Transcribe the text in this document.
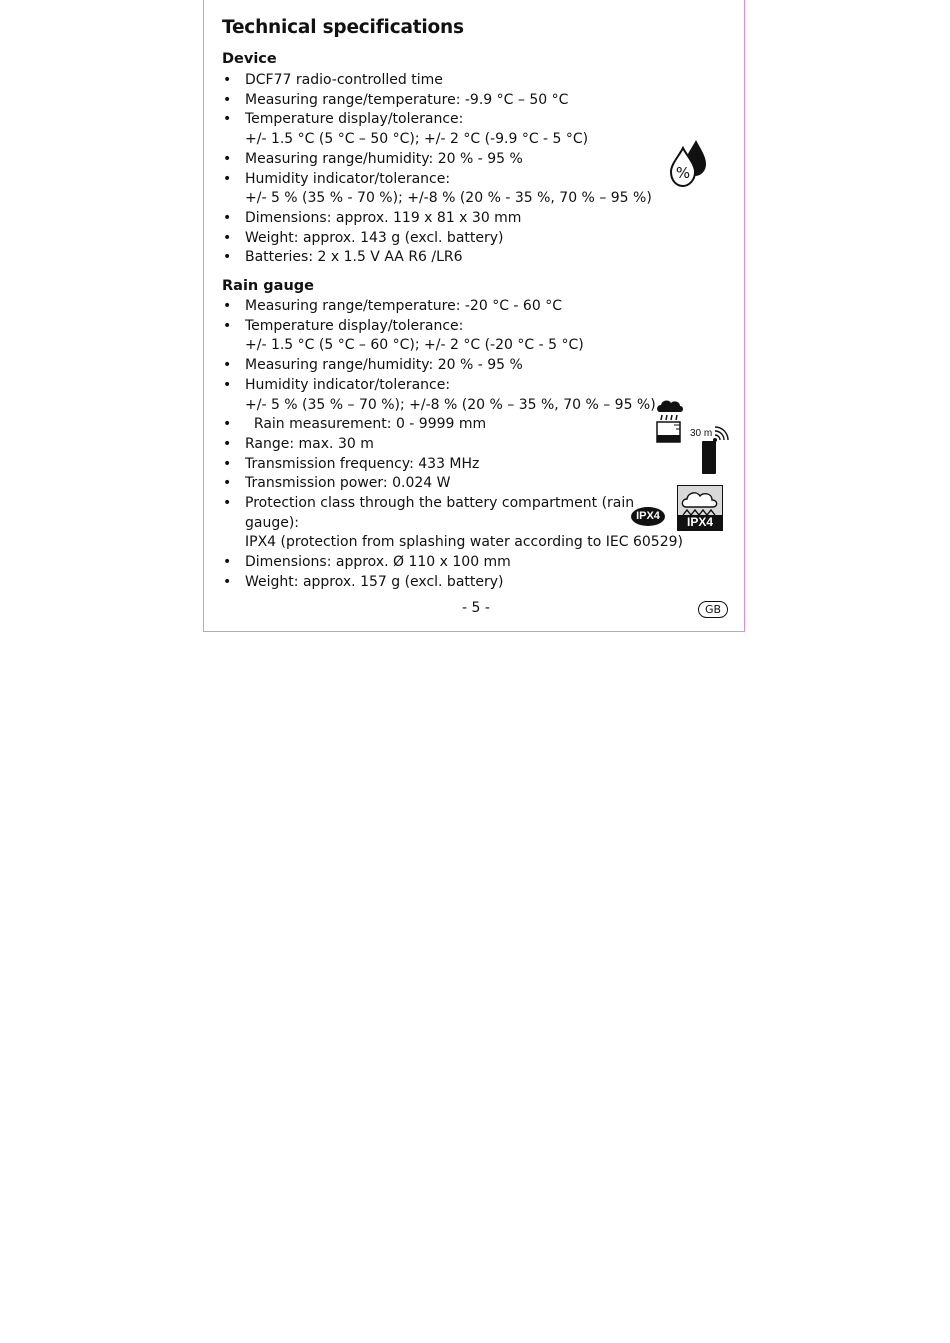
Technical specifications
Device
• DCF77 radio-controlled time
• Measuring range/temperature: -9.9 °C – 50 °C
• Temperature display/tolerance:
+/- 1.5 °C (5 °C – 50 °C); +/- 2 °C (-9.9 °C - 5 °C)
• Measuring range/humidity: 20 % - 95 %
• Humidity indicator/tolerance:
+/- 5 % (35 % - 70 %); +/-8 % (20 % - 35 %, 70 % – 95 %)
• Dimensions: approx. 119 x 81 x 30 mm
• Weight: approx. 143 g (excl. battery)
• Batteries: 2 x 1.5 V AA R6 /LR6
Rain gauge
• Measuring range/temperature: -20 °C - 60 °C
• Temperature display/tolerance:
+/- 1.5 °C (5 °C – 60 °C); +/- 2 °C (-20 °C - 5 °C)
• Measuring range/humidity: 20 % - 95 %
• Humidity indicator/tolerance:
+/- 5 % (35 % – 70 %); +/-8 % (20 % – 35 %, 70 % – 95 %)
•   Rain measurement: 0 - 9999 mm
• Range: max. 30 m
• Transmission frequency: 433 MHz
• Transmission power: 0.024 W
• Protection class through the battery compartment (rain
gauge):
IPX4 (protection from splashing water according to IEC 60529)
• Dimensions: approx. Ø 110 x 100 mm
• Weight: approx. 157 g (excl. battery)
%
30 m
IPX4	IPX4
- 5 -	GB
